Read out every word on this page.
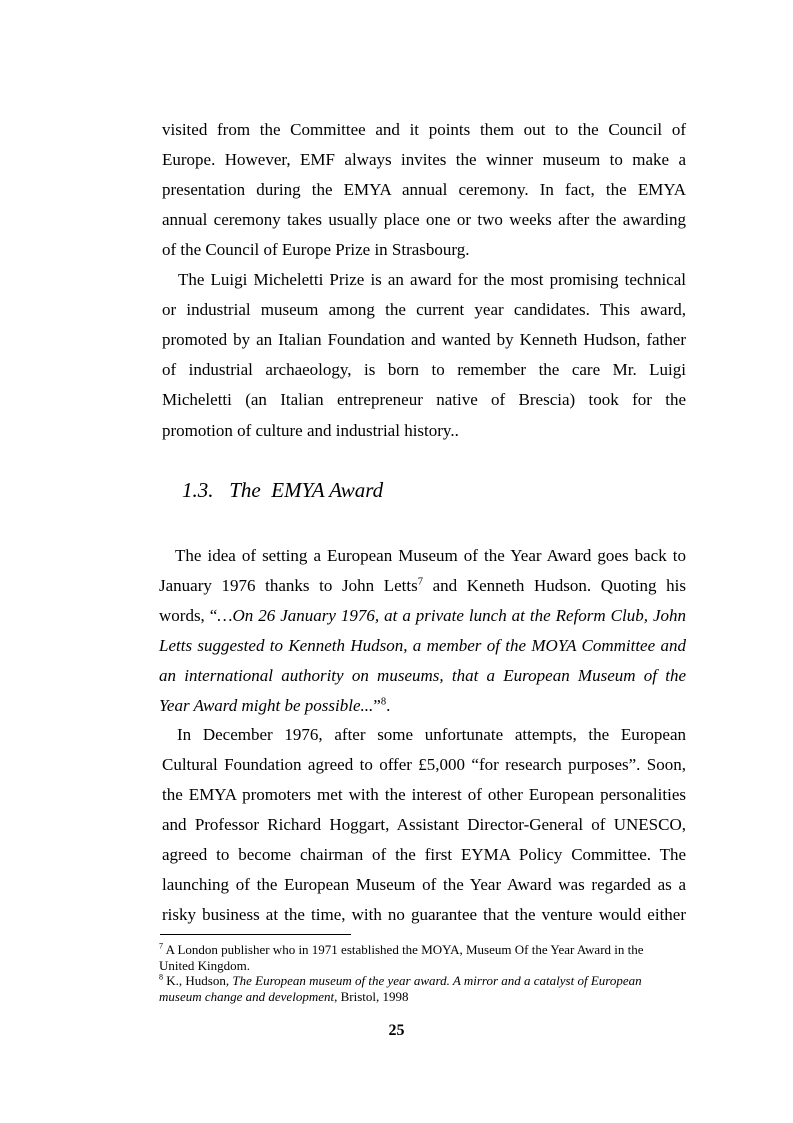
visited from the Committee and it points them out to the Council of
Europe. However, EMF always invites the winner museum to make a
presentation during the EMYA annual ceremony. In fact, the EMYA
annual ceremony takes usually place one or two weeks after the awarding
of the Council of Europe Prize in Strasbourg.
The Luigi Micheletti Prize is an award for the most promising technical
or industrial museum among the current year candidates. This award,
promoted by an Italian Foundation and wanted by Kenneth Hudson, father
of industrial archaeology, is born to remember the care Mr. Luigi
Micheletti (an Italian entrepreneur native of Brescia) took for the
promotion of culture and industrial history..
1.3.   The  EMYA Award
The idea of setting a European Museum of the Year Award goes back to
January 1976 thanks to John Letts$^7$ and Kenneth Hudson. Quoting his
words, “…On 26 January 1976, at a private lunch at the Reform Club, John
Letts suggested to Kenneth Hudson, a member of the MOYA Committee and
an international authority on museums, that a European Museum of the
Year Award might be possible...”$^8$.
In December 1976, after some unfortunate attempts, the European
Cultural Foundation agreed to offer £5,000 “for research purposes”. Soon,
the EMYA promoters met with the interest of other European personalities
and Professor Richard Hoggart, Assistant Director-General of UNESCO,
agreed to become chairman of the first EYMA Policy Committee. The
launching of the European Museum of the Year Award was regarded as a
risky business at the time, with no guarantee that the venture would either
$^7$ A London publisher who in 1971 established the MOYA, Museum Of the Year Award in the
United Kingdom.
$^8$ K., Hudson, The European museum of the year award. A mirror and a catalyst of European
museum change and development, Bristol, 1998
25
